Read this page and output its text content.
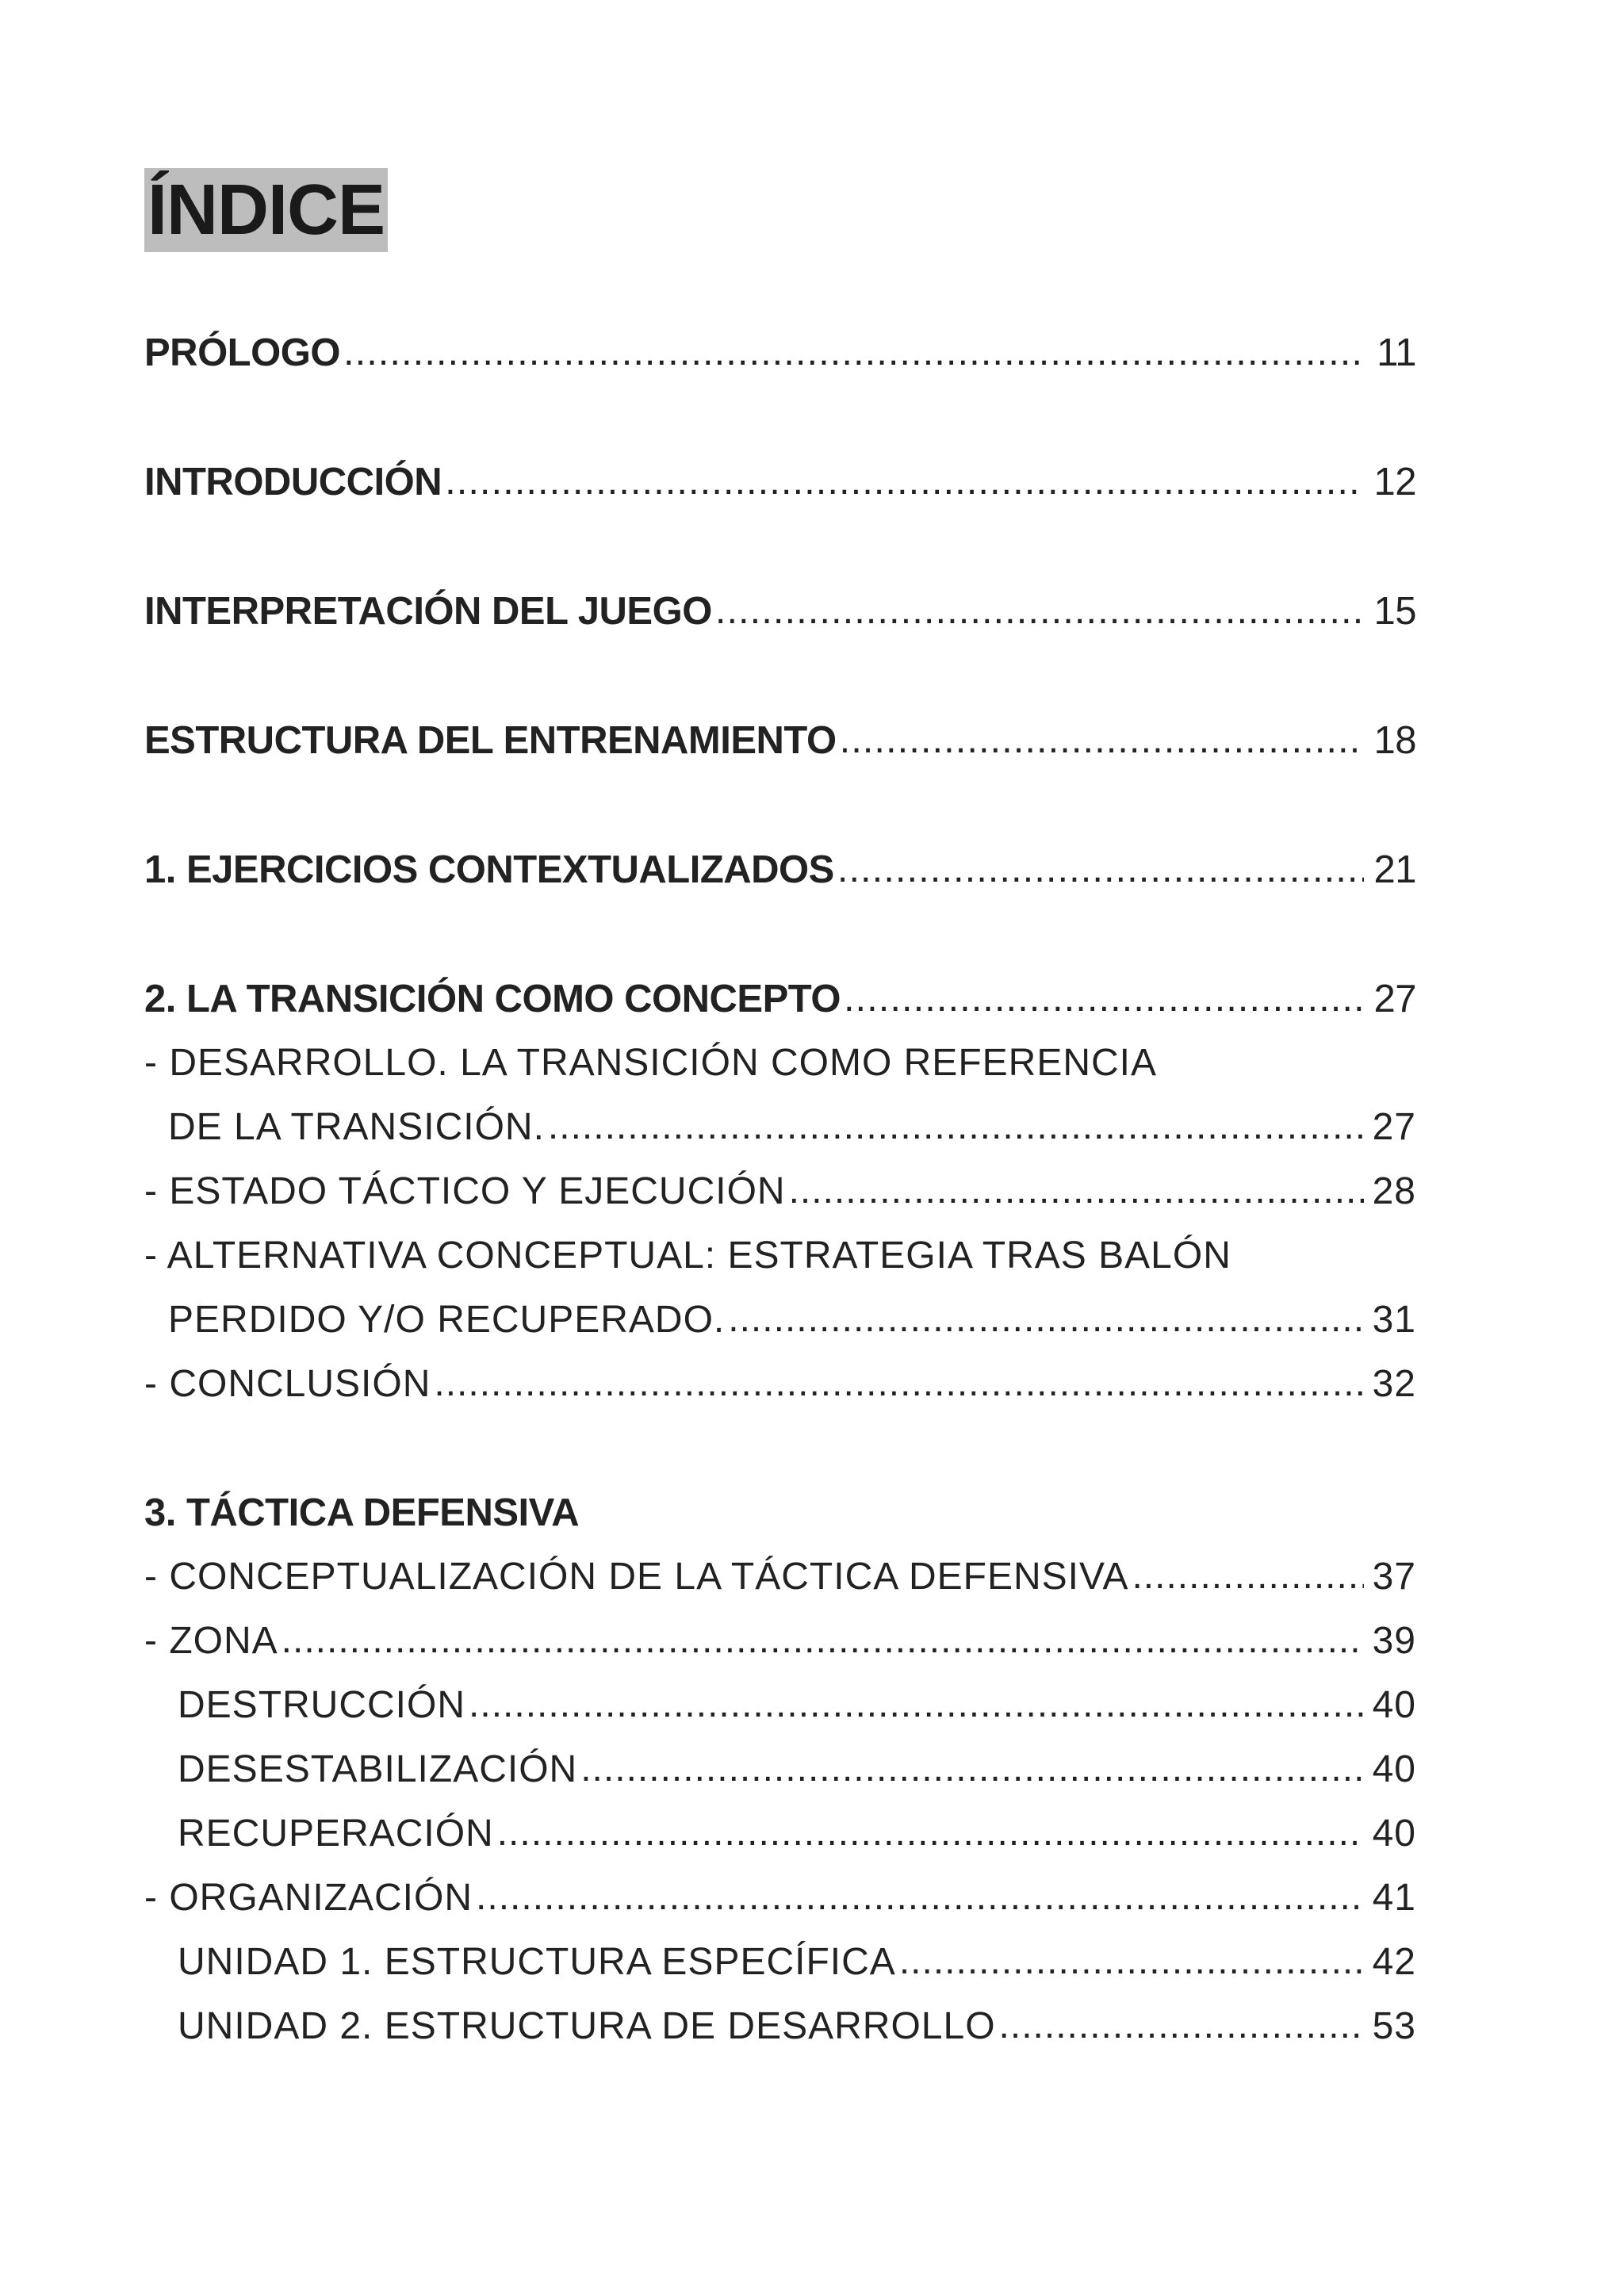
ÍNDICE
PRÓLOGO .....	11
INTRODUCCIÓN .....	12
INTERPRETACIÓN DEL JUEGO .....	15
ESTRUCTURA DEL ENTRENAMIENTO .....	18
1. EJERCICIOS CONTEXTUALIZADOS .....	21
2. LA TRANSICIÓN COMO CONCEPTO .....	27
- DESARROLLO. LA TRANSICIÓN COMO REFERENCIA
DE LA TRANSICIÓN. .....	27
- ESTADO TÁCTICO Y EJECUCIÓN .....	28
- ALTERNATIVA CONCEPTUAL: ESTRATEGIA TRAS BALÓN
PERDIDO Y/O RECUPERADO. .....	31
- CONCLUSIÓN .....	32
3. TÁCTICA DEFENSIVA
- CONCEPTUALIZACIÓN DE LA TÁCTICA DEFENSIVA .....	37
- ZONA .....	39
DESTRUCCIÓN .....	40
DESESTABILIZACIÓN .....	40
RECUPERACIÓN .....	40
- ORGANIZACIÓN .....	41
UNIDAD 1. ESTRUCTURA ESPECÍFICA .....	42
UNIDAD 2. ESTRUCTURA DE DESARROLLO .....	53
